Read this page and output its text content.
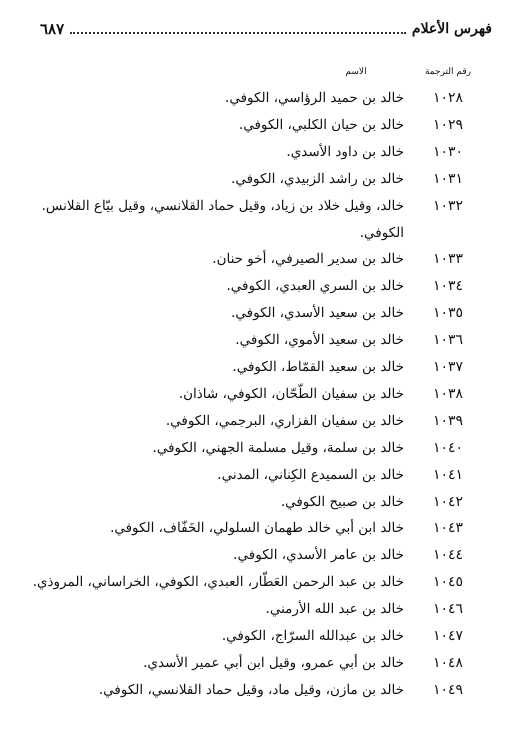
فهرس الأعلام
٦٨٧
رقم الترجمة
الاسم
١٠٢٨
خالد بن حميد الرؤاسي، الكوفي.
١٠٢٩
خالد بن حيان الكلبي، الكوفي.
١٠٣٠
خالد بن داود الأسدي.
١٠٣١
خالد بن راشد الزبيدي، الكوفي.
١٠٣٢
خالد، وقيل خلاد بن زياد، وقيل حماد القلانسي، وقيل بيّاع القلانس.
الكوفي.
١٠٣٣
خالد بن سدير الصيرفي، أخو حنان.
١٠٣٤
خالد بن السري العبدي، الكوفي.
١٠٣٥
خالد بن سعيد الأسدي، الكوفي.
١٠٣٦
خالد بن سعيد الأموي، الكوفي.
١٠٣٧
خالد بن سعيد القمّاط، الكوفي.
١٠٣٨
خالد بن سفيان الطّحّان، الكوفي، شاذان.
١٠٣٩
خالد بن سفيان الفزاري، البرجمي، الكوفي.
١٠٤٠
خالد بن سلمة، وقيل مسلمة الجهني، الكوفي.
١٠٤١
خالد بن السميدع الكِناني، المدني.
١٠٤٢
خالد بن صبيح الكوفي.
١٠٤٣
خالد ابن أبي خالد طهمان السلولي، الخَفّاف، الكوفي.
١٠٤٤
خالد بن عامر الأسدي، الكوفي.
١٠٤٥
خالد بن عبد الرحمن العَطّار، العبدي، الكوفي، الخراساني، المروذي.
١٠٤٦
خالد بن عبد الله الأرمني.
١٠٤٧
خالد بن عبدالله السرّاج، الكوفي.
١٠٤٨
خالد بن أبي عمرو، وقيل ابن أبي عمير الأسدي.
١٠٤٩
خالد بن مازن، وقيل ماد، وقيل حماد القلانسي، الكوفي.
